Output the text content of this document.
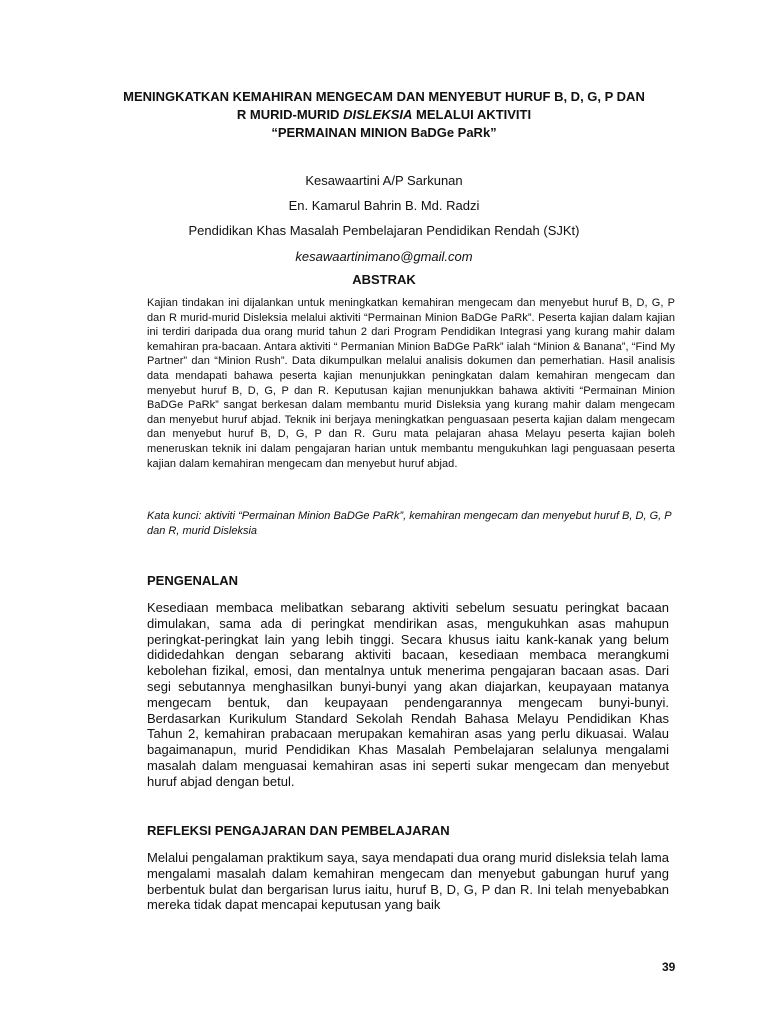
MENINGKATKAN KEMAHIRAN MENGECAM DAN MENYEBUT HURUF B, D, G, P DAN R MURID-MURID DISLEKSIA MELALUI AKTIVITI
“PERMAINAN MINION BaDGe PaRk”
Kesawaartini A/P Sarkunan
En. Kamarul Bahrin B. Md. Radzi
Pendidikan Khas Masalah Pembelajaran Pendidikan Rendah (SJKt)
kesawaartinimano@gmail.com
ABSTRAK
Kajian tindakan ini dijalankan untuk meningkatkan kemahiran mengecam dan menyebut huruf B, D, G, P dan R murid-murid Disleksia melalui aktiviti “Permainan Minion BaDGe PaRk”. Peserta kajian dalam kajian ini terdiri daripada dua orang murid tahun 2 dari Program Pendidikan Integrasi yang kurang mahir dalam kemahiran pra-bacaan. Antara aktiviti “ Permanian Minion BaDGe PaRk” ialah “Minion & Banana”, “Find My Partner” dan “Minion Rush”. Data dikumpulkan melalui analisis dokumen dan pemerhatian. Hasil analisis data mendapati bahawa peserta kajian menunjukkan peningkatan dalam kemahiran mengecam dan menyebut huruf B, D, G, P dan R. Keputusan kajian menunjukkan bahawa aktiviti “Permainan Minion BaDGe PaRk” sangat berkesan dalam membantu murid Disleksia yang kurang mahir dalam mengecam dan menyebut huruf abjad. Teknik ini berjaya meningkatkan penguasaan peserta kajian dalam mengecam dan menyebut huruf B, D, G, P dan R. Guru mata pelajaran ahasa Melayu peserta kajian boleh meneruskan teknik ini dalam pengajaran harian untuk membantu mengukuhkan lagi penguasaan peserta kajian dalam kemahiran mengecam dan menyebut huruf abjad.
Kata kunci: aktiviti “Permainan Minion BaDGe PaRk”, kemahiran mengecam dan menyebut huruf B, D, G, P dan R, murid Disleksia
PENGENALAN
Kesediaan membaca melibatkan sebarang aktiviti sebelum sesuatu peringkat bacaan dimulakan, sama ada di peringkat mendirikan asas, mengukuhkan asas mahupun peringkat-peringkat lain yang lebih tinggi. Secara khusus iaitu kank-kanak yang belum dididedahkan dengan sebarang aktiviti bacaan, kesediaan membaca merangkumi kebolehan fizikal, emosi, dan mentalnya untuk menerima pengajaran bacaan asas. Dari segi sebutannya menghasilkan bunyi-bunyi yang akan diajarkan, keupayaan matanya mengecam bentuk, dan keupayaan pendengarannya mengecam bunyi-bunyi. Berdasarkan Kurikulum Standard Sekolah Rendah Bahasa Melayu Pendidikan Khas Tahun 2, kemahiran prabacaan merupakan kemahiran asas yang perlu dikuasai. Walau bagaimanapun, murid Pendidikan Khas Masalah Pembelajaran selalunya mengalami masalah dalam menguasai kemahiran asas ini seperti sukar mengecam dan menyebut huruf abjad dengan betul.
REFLEKSI PENGAJARAN DAN PEMBELAJARAN
Melalui pengalaman praktikum saya, saya mendapati dua orang murid disleksia telah lama mengalami masalah dalam kemahiran mengecam dan menyebut gabungan huruf yang berbentuk bulat dan bergarisan lurus iaitu, huruf B, D, G, P dan R. Ini telah menyebabkan mereka tidak dapat mencapai keputusan yang baik
39
